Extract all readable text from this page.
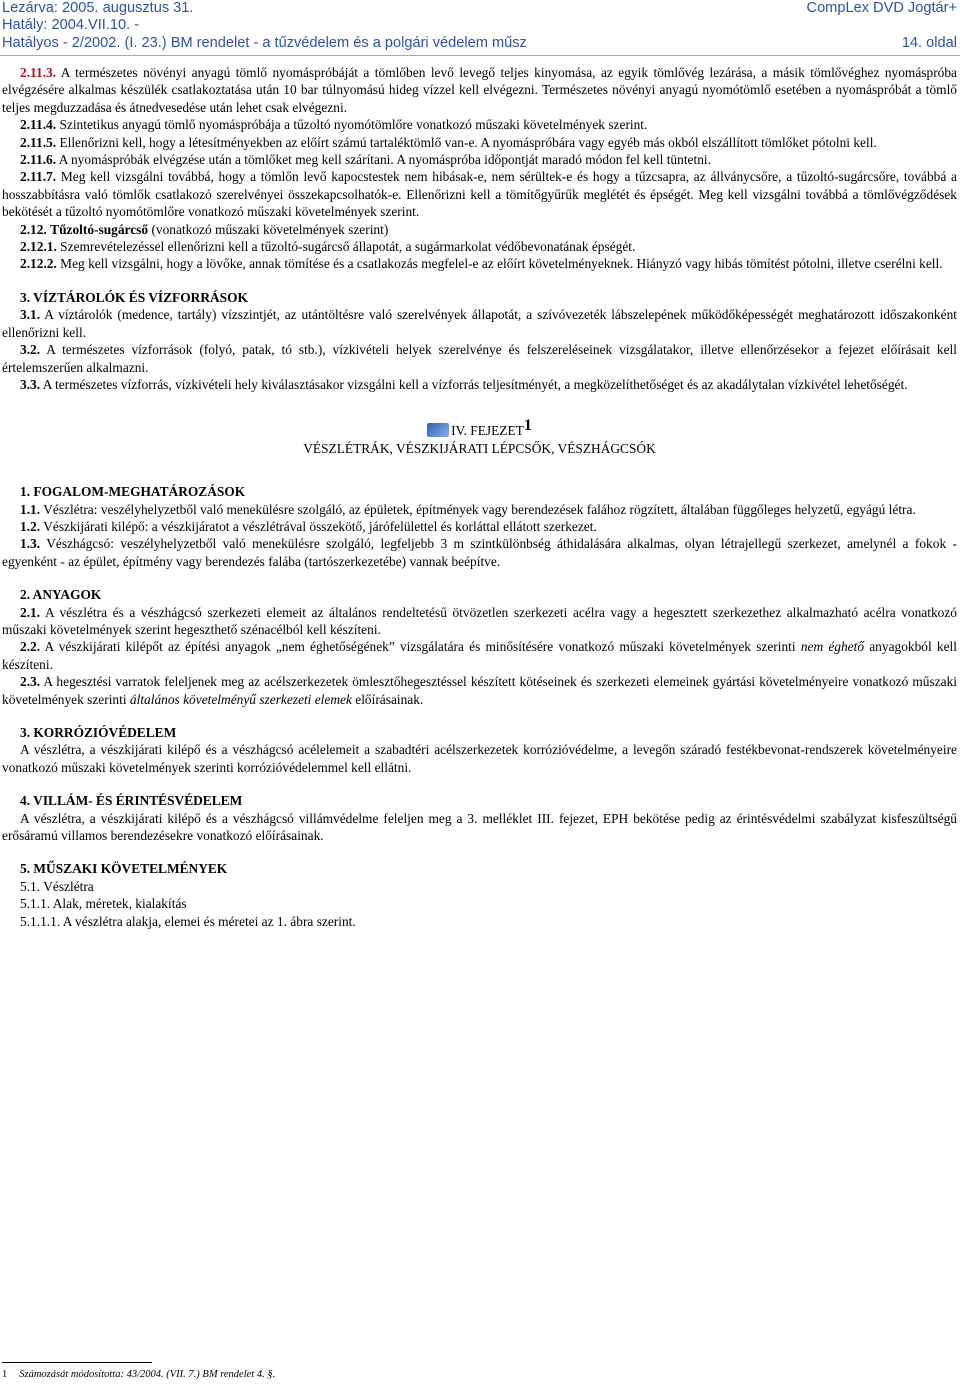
Lezárva: 2005. augusztus 31.	CompLex DVD Jogtár+
Hatály: 2004.VII.10. -
Hatályos - 2/2002. (I. 23.) BM rendelet - a tűzvédelem és a polgári védelem műsz	14. oldal

2.11.3. A természetes növényi anyagú tömlő nyomáspróbáját a tömlőben levő levegő teljes kinyomása, az egyik tömlővég lezárása, a másik tömlővéghez nyomáspróba elvégzésére alkalmas készülék csatlakoztatása után 10 bar túlnyomású hideg vízzel kell elvégezni. Természetes növényi anyagú nyomótömlő esetében a nyomáspróbát a tömlő teljes megduzzadása és átnedvesedése után lehet csak elvégezni.

2.11.4. Szintetikus anyagú tömlő nyomáspróbája a tűzoltó nyomótömlőre vonatkozó műszaki követelmények szerint.

2.11.5. Ellenőrizni kell, hogy a létesítményekben az előírt számú tartaléktömlő van-e. A nyomáspróbára vagy egyéb más okból elszállított tömlőket pótolni kell.

2.11.6. A nyomáspróbák elvégzése után a tömlőket meg kell szárítani. A nyomáspróba időpontját maradó módon fel kell tüntetni.

2.11.7. Meg kell vizsgálni továbbá, hogy a tömlőn levő kapocstestek nem hibásak-e, nem sérültek-e és hogy a tűzcsapra, az állványcsőre, a tűzoltó-sugárcsőre, továbbá a hosszabbításra való tömlők csatlakozó szerelvényei összekapcsolhatók-e. Ellenőrizni kell a tömítőgyűrűk meglétét és épségét. Meg kell vizsgálni továbbá a tömlővégződések bekötését a tűzoltó nyomótömlőre vonatkozó műszaki követelmények szerint.

2.12. Tűzoltó-sugárcső (vonatkozó műszaki követelmények szerint)

2.12.1. Szemrevételezéssel ellenőrizni kell a tűzoltó-sugárcső állapotát, a sugármarkolat védőbevonatának épségét.

2.12.2. Meg kell vizsgálni, hogy a lövőke, annak tömítése és a csatlakozás megfelel-e az előírt követelményeknek. Hiányzó vagy hibás tömítést pótolni, illetve cserélni kell.

3. VÍZTÁROLÓK ÉS VÍZFORRÁSOK

3.1. A víztárolók (medence, tartály) vízszintjét, az utántöltésre való szerelvények állapotát, a szívóvezeték lábszelepének működőképességét meghatározott időszakonként ellenőrizni kell.

3.2. A természetes vízforrások (folyó, patak, tó stb.), vízkivételi helyek szerelvénye és felszereléseinek vizsgálatakor, illetve ellenőrzésekor a fejezet előírásait kell értelemszerűen alkalmazni.

3.3. A természetes vízforrás, vízkivételi hely kiválasztásakor vizsgálni kell a vízforrás teljesítményét, a megközelíthetőséget és az akadálytalan vízkivétel lehetőségét.

IV. FEJEZET$^1$

VÉSZLÉTRÁK, VÉSZKIJÁRATI LÉPCSŐK, VÉSZHÁGCSÓK

1. FOGALOM-MEGHATÁROZÁSOK

1.1. Vészlétra: veszélyhelyzetből való menekülésre szolgáló, az épületek, építmények vagy berendezések falához rögzített, általában függőleges helyzetű, egyágú létra.

1.2. Vészkijárati kilépő: a vészkijáratot a vészlétrával összekötő, járófelülettel és korláttal ellátott szerkezet.

1.3. Vészhágcsó: veszélyhelyzetből való menekülésre szolgáló, legfeljebb 3 m szintkülönbség áthidalására alkalmas, olyan létrajellegű szerkezet, amelynél a fokok - egyenként - az épület, építmény vagy berendezés falába (tartószerkezetébe) vannak beépítve.

2. ANYAGOK

2.1. A vészlétra és a vészhágcsó szerkezeti elemeit az általános rendeltetésű ötvözetlen szerkezeti acélra vagy a hegesztett szerkezethez alkalmazható acélra vonatkozó műszaki követelmények szerint hegeszthető szénacélból kell készíteni.

2.2. A vészkijárati kilépőt az építési anyagok „nem éghetőségének” vizsgálatára és minősítésére vonatkozó műszaki követelmények szerinti nem éghető anyagokból kell készíteni.

2.3. A hegesztési varratok feleljenek meg az acélszerkezetek ömlesztőhegesztéssel készített kötéseinek és szerkezeti elemeinek gyártási követelményeire vonatkozó műszaki követelmények szerinti általános követelményű szerkezeti elemek előírásainak.

3. KORRÓZIÓVÉDELEM

A vészlétra, a vészkijárati kilépő és a vészhágcsó acélelemeit a szabadtéri acélszerkezetek korrózióvédelme, a levegőn száradó festékbevonat-rendszerek követelményeire vonatkozó műszaki követelmények szerinti korrózióvédelemmel kell ellátni.

4. VILLÁM- ÉS ÉRINTÉSVÉDELEM

A vészlétra, a vészkijárati kilépő és a vészhágcsó villámvédelme feleljen meg a 3. melléklet III. fejezet, EPH bekötése pedig az érintésvédelmi szabályzat kisfeszültségű erősáramú villamos berendezésekre vonatkozó előírásainak.

5. MŰSZAKI KÖVETELMÉNYEK

5.1. Vészlétra

5.1.1. Alak, méretek, kialakítás

5.1.1.1. A vészlétra alakja, elemei és méretei az 1. ábra szerint.

1 Számozását módosította: 43/2004. (VII. 7.) BM rendelet 4. §.
